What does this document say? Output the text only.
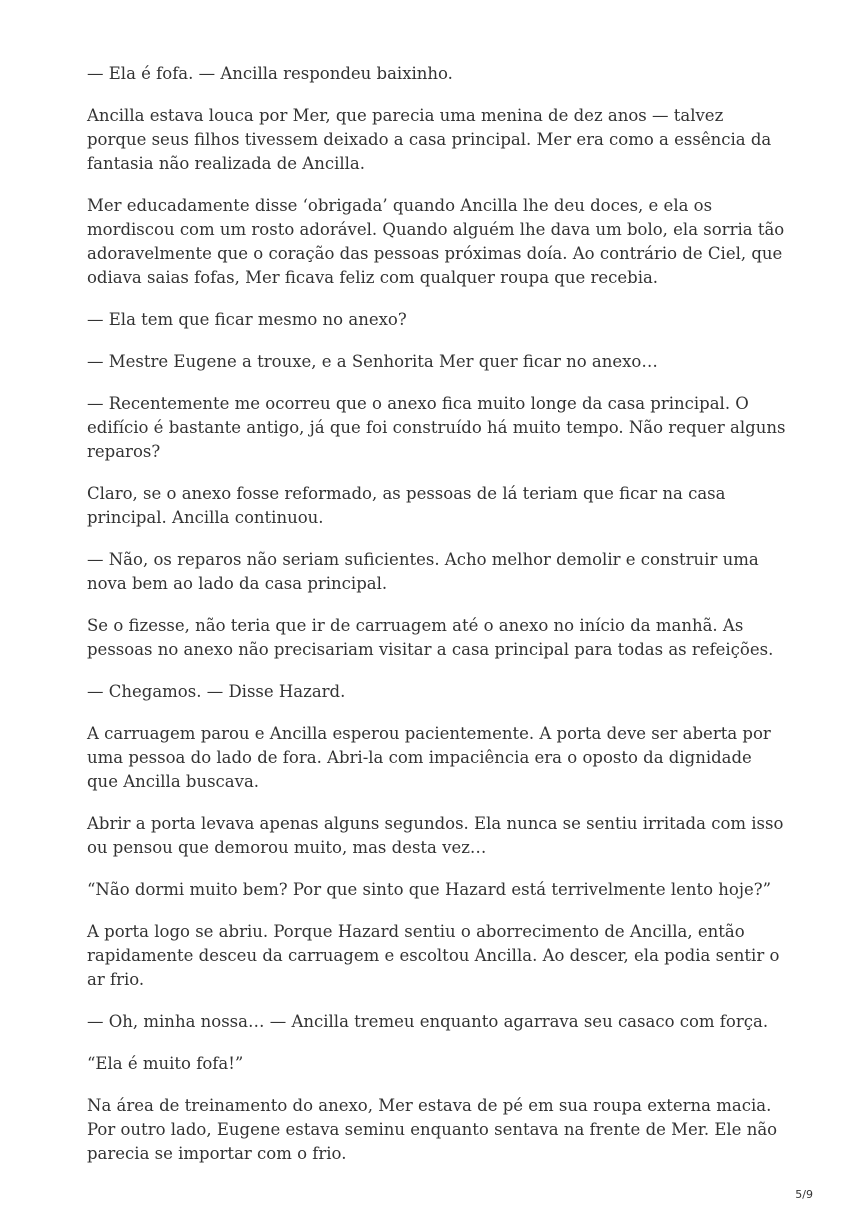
— Ela é fofa. — Ancilla respondeu baixinho.

Ancilla estava louca por Mer, que parecia uma menina de dez anos — talvez porque seus filhos tivessem deixado a casa principal. Mer era como a essência da fantasia não realizada de Ancilla.

Mer educadamente disse ‘obrigada’ quando Ancilla lhe deu doces, e ela os mordiscou com um rosto adorável. Quando alguém lhe dava um bolo, ela sorria tão adoravelmente que o coração das pessoas próximas doía. Ao contrário de Ciel, que odiava saias fofas, Mer ficava feliz com qualquer roupa que recebia.

— Ela tem que ficar mesmo no anexo?

— Mestre Eugene a trouxe, e a Senhorita Mer quer ficar no anexo…

— Recentemente me ocorreu que o anexo fica muito longe da casa principal. O edifício é bastante antigo, já que foi construído há muito tempo. Não requer alguns reparos?

Claro, se o anexo fosse reformado, as pessoas de lá teriam que ficar na casa principal. Ancilla continuou.

— Não, os reparos não seriam suficientes. Acho melhor demolir e construir uma nova bem ao lado da casa principal.

Se o fizesse, não teria que ir de carruagem até o anexo no início da manhã. As pessoas no anexo não precisariam visitar a casa principal para todas as refeições.

— Chegamos. — Disse Hazard.

A carruagem parou e Ancilla esperou pacientemente. A porta deve ser aberta por uma pessoa do lado de fora. Abri-la com impaciência era o oposto da dignidade que Ancilla buscava.

Abrir a porta levava apenas alguns segundos. Ela nunca se sentiu irritada com isso ou pensou que demorou muito, mas desta vez…

“Não dormi muito bem? Por que sinto que Hazard está terrivelmente lento hoje?”

A porta logo se abriu. Porque Hazard sentiu o aborrecimento de Ancilla, então rapidamente desceu da carruagem e escoltou Ancilla. Ao descer, ela podia sentir o ar frio.

— Oh, minha nossa… — Ancilla tremeu enquanto agarrava seu casaco com força.

“Ela é muito fofa!”

Na área de treinamento do anexo, Mer estava de pé em sua roupa externa macia. Por outro lado, Eugene estava seminu enquanto sentava na frente de Mer. Ele não parecia se importar com o frio.

5/9
